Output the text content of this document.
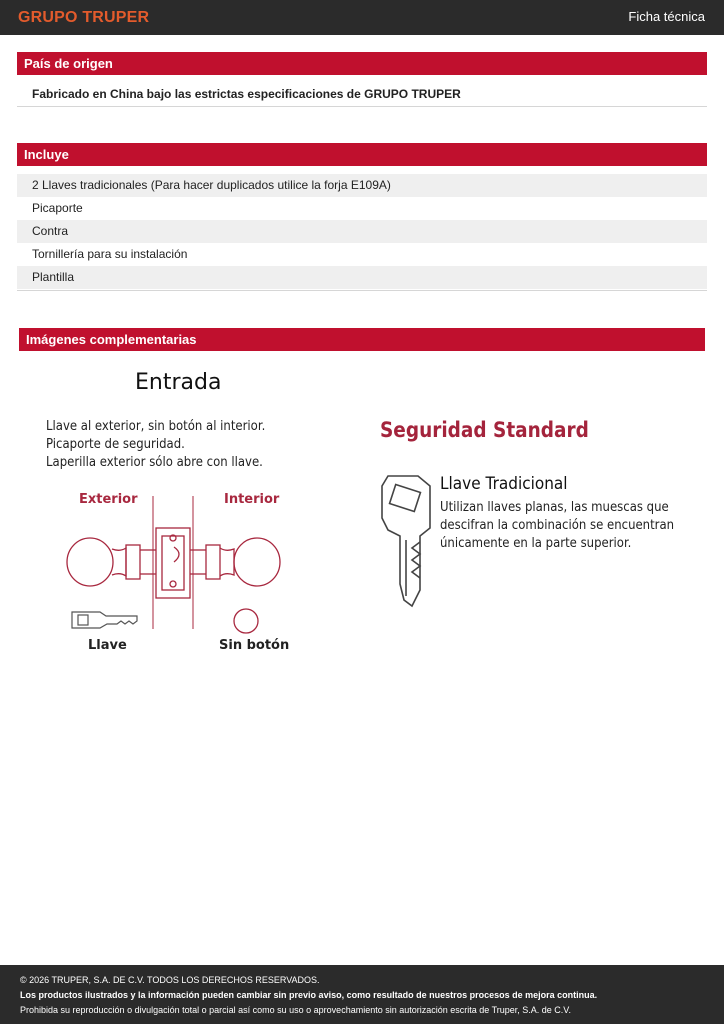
GRUPO TRUPER	Ficha técnica
País de origen
Fabricado en China bajo las estrictas especificaciones de GRUPO TRUPER
Incluye
2 Llaves tradicionales (Para hacer duplicados utilice la forja E109A)
Picaporte
Contra
Tornillería para su instalación
Plantilla
Imágenes complementarias
Entrada
Llave al exterior, sin botón al interior.
Picaporte de seguridad.
Laperilla exterior sólo abre con llave.
Exterior	Interior
Llave	Sin botón
Seguridad Standard
Llave Tradicional
Utilizan llaves planas, las muescas que
descifran la combinación se encuentran
únicamente en la parte superior.
© 2026 TRUPER, S.A. DE C.V. TODOS LOS DERECHOS RESERVADOS.
Los productos ilustrados y la información pueden cambiar sin previo aviso, como resultado de nuestros procesos de mejora continua.
Prohibida su reproducción o divulgación total o parcial así como su uso o aprovechamiento sin autorización escrita de Truper, S.A. de C.V.
